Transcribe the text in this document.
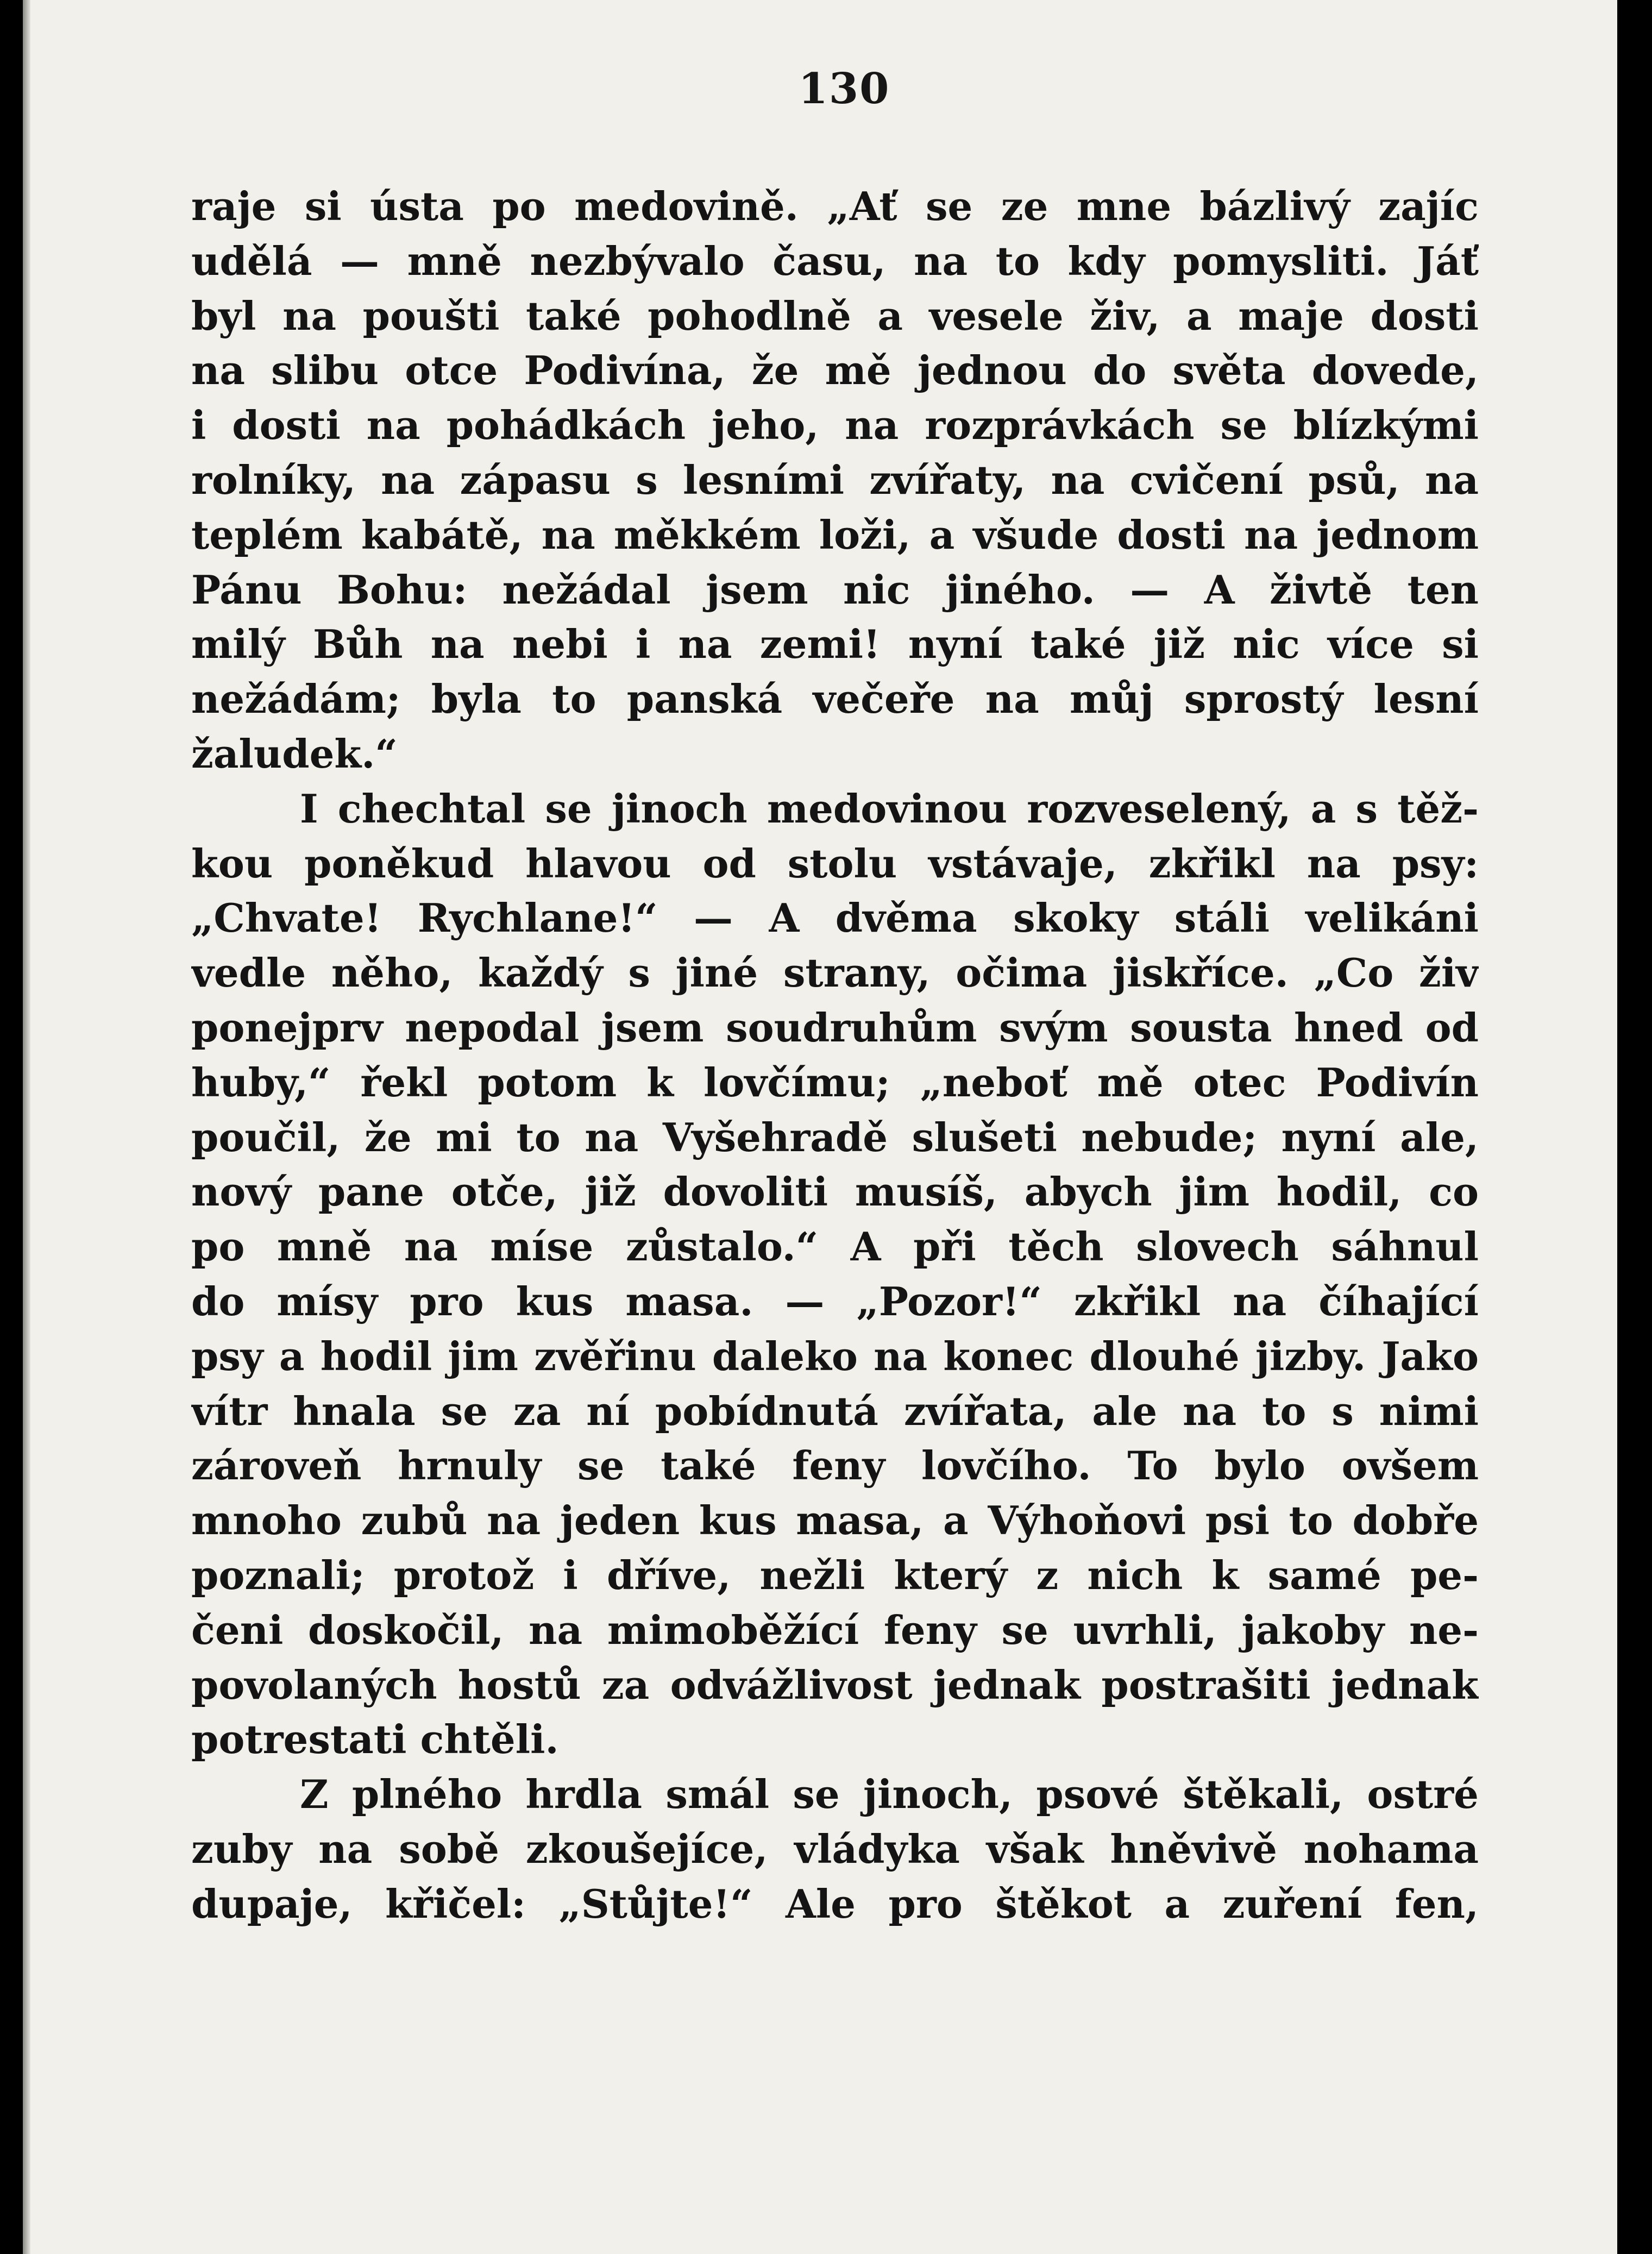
130
raje si ústa po medovině. „Ať se ze mne bázlivý zajíc
udělá — mně nezbývalo času, na to kdy pomysliti. Jáť
byl na poušti také pohodlně a vesele živ, a maje dosti
na slibu otce Podivína, že mě jednou do světa dovede,
i dosti na pohádkách jeho, na rozprávkách se blízkými
rolníky, na zápasu s lesními zvířaty, na cvičení psů, na
teplém kabátě, na měkkém loži, a všude dosti na jednom
Pánu Bohu: nežádal jsem nic jiného. — A živtě ten
milý Bůh na nebi i na zemi! nyní také již nic více si
nežádám; byla to panská večeře na můj sprostý lesní
žaludek.“
I chechtal se jinoch medovinou rozveselený, a s těž-
kou poněkud hlavou od stolu vstávaje, zkřikl na psy:
„Chvate! Rychlane!“ — A dvěma skoky stáli velikáni
vedle něho, každý s jiné strany, očima jiskříce. „Co živ
ponejprv nepodal jsem soudruhům svým sousta hned od
huby,“ řekl potom k lovčímu; „neboť mě otec Podivín
poučil, že mi to na Vyšehradě slušeti nebude; nyní ale,
nový pane otče, již dovoliti musíš, abych jim hodil, co
po mně na míse zůstalo.“ A při těch slovech sáhnul
do mísy pro kus masa. — „Pozor!“ zkřikl na číhající
psy a hodil jim zvěřinu daleko na konec dlouhé jizby. Jako
vítr hnala se za ní pobídnutá zvířata, ale na to s nimi
zároveň hrnuly se také feny lovčího. To bylo ovšem
mnoho zubů na jeden kus masa, a Výhoňovi psi to dobře
poznali; protož i dříve, nežli který z nich k samé pe-
čeni doskočil, na mimoběžící feny se uvrhli, jakoby ne-
povolaných hostů za odvážlivost jednak postrašiti jednak
potrestati chtěli.
Z plného hrdla smál se jinoch, psové štěkali, ostré
zuby na sobě zkoušejíce, vládyka však hněvivě nohama
dupaje, křičel: „Stůjte!“ Ale pro štěkot a zuření fen,
